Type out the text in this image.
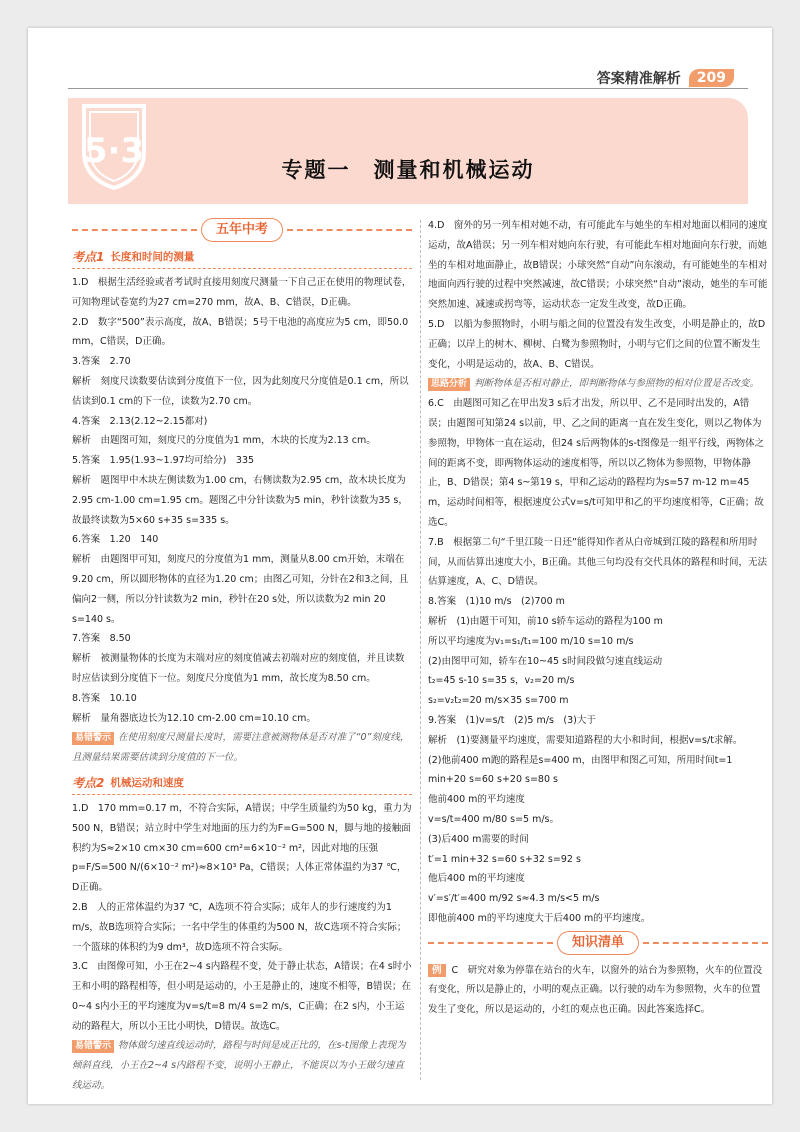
答案精准解析	209
专题一　测量和机械运动
5·3
五年中考
考点1 长度和时间的测量

1.D　根据生活经验或者考试时直接用刻度尺测量一下自己正在使用的物理试卷，可知物理试卷宽约为27 cm=270 mm，故A、B、C错误，D正确。

2.D　数字“500”表示高度，故A、B错误；5号干电池的高度应为5 cm，即50.0 mm，C错误，D正确。

3.答案　2.70

解析　刻度尺读数要估读到分度值下一位，因为此刻度尺分度值是0.1 cm，所以估读到0.1 cm的下一位，读数为2.70 cm。

4.答案　2.13(2.12~2.15都对)

解析　由题图可知，刻度尺的分度值为1 mm，木块的长度为2.13 cm。

5.答案　1.95(1.93~1.97均可给分)　335

解析　题图甲中木块左侧读数为1.00 cm，右侧读数为2.95 cm，故木块长度为2.95 cm-1.00 cm=1.95 cm。题图乙中分针读数为5 min，秒针读数为35 s，故最终读数为5×60 s+35 s=335 s。

6.答案　1.20　140

解析　由题图甲可知，刻度尺的分度值为1 mm，测量从8.00 cm开始，末端在9.20 cm，所以圆形物体的直径为1.20 cm；由图乙可知，分针在2和3之间，且偏向2一侧，所以分针读数为2 min，秒针在20 s处，所以读数为2 min 20 s=140 s。

7.答案　8.50

解析　被测量物体的长度为末端对应的刻度值减去初端对应的刻度值，并且读数时应估读到分度值下一位。刻度尺分度值为1 mm，故长度为8.50 cm。

8.答案　10.10

解析　量角器底边长为12.10 cm-2.00 cm=10.10 cm。

易错警示 在使用刻度尺测量长度时，需要注意被测物体是否对准了“0”刻度线，且测量结果需要估读到分度值的下一位。

考点2 机械运动和速度

1.D　170 mm=0.17 m，不符合实际，A错误；中学生质量约为50 kg，重力为500 N，B错误；站立时中学生对地面的压力约为F=G=500 N，脚与地的接触面积约为S≈2×10 cm×30 cm=600 cm²=6×10⁻² m²，因此对地的压强p=F/S=500 N/(6×10⁻² m²)≈8×10³ Pa，C错误；人体正常体温约为37 ℃，D正确。

2.B　人的正常体温约为37 ℃，A选项不符合实际；成年人的步行速度约为1 m/s，故B选项符合实际；一名中学生的体重约为500 N，故C选项不符合实际；一个篮球的体积约为9 dm³，故D选项不符合实际。

3.C　由图像可知，小王在2~4 s内路程不变，处于静止状态，A错误；在4 s时小王和小明的路程相等，但小明是运动的，小王是静止的，速度不相等，B错误；在0~4 s内小王的平均速度为v=s/t=8 m/4 s=2 m/s，C正确；在2 s内，小王运动的路程大，所以小王比小明快，D错误。故选C。

易错警示 物体做匀速直线运动时，路程与时间是成正比的，在s-t图像上表现为倾斜直线，小王在2~4 s内路程不变，说明小王静止，不能误以为小王做匀速直线运动。

4.D　窗外的另一列车相对她不动，有可能此车与她坐的车相对地面以相同的速度运动，故A错误；另一列车相对她向东行驶，有可能此车相对地面向东行驶，而她坐的车相对地面静止，故B错误；小球突然“自动”向东滚动，有可能她坐的车相对地面向西行驶的过程中突然减速，故C错误；小球突然“自动”滚动，她坐的车可能突然加速、减速或拐弯等，运动状态一定发生改变，故D正确。

5.D　以船为参照物时，小明与船之间的位置没有发生改变，小明是静止的，故D正确；以岸上的树木、柳树、白鹭为参照物时，小明与它们之间的位置不断发生变化，小明是运动的，故A、B、C错误。

思路分析 判断物体是否相对静止，即判断物体与参照物的相对位置是否改变。

6.C　由题图可知乙在甲出发3 s后才出发，所以甲、乙不是同时出发的，A错误；由题图可知第24 s以前，甲、乙之间的距离一直在发生变化，则以乙物体为参照物，甲物体一直在运动，但24 s后两物体的s-t图像是一组平行线，两物体之间的距离不变，即两物体运动的速度相等，所以以乙物体为参照物，甲物体静止，B、D错误；第4 s~第19 s，甲和乙运动的路程均为s=57 m-12 m=45 m，运动时间相等，根据速度公式v=s/t可知甲和乙的平均速度相等，C正确；故选C。

7.B　根据第二句“千里江陵一日还”能得知作者从白帝城到江陵的路程和所用时间，从而估算出速度大小，B正确。其他三句均没有交代具体的路程和时间，无法估算速度，A、C、D错误。

8.答案　(1)10 m/s　(2)700 m

解析　(1)由题干可知，前10 s轿车运动的路程为100 m

所以平均速度为v₁=s₁/t₁=100 m/10 s=10 m/s

(2)由图甲可知，轿车在10~45 s时间段做匀速直线运动

t₂=45 s-10 s=35 s，v₂=20 m/s

s₂=v₂t₂=20 m/s×35 s=700 m

9.答案　(1)v=s/t　(2)5 m/s　(3)大于

解析　(1)要测量平均速度，需要知道路程的大小和时间，根据v=s/t求解。

(2)他前400 m跑的路程是s=400 m，由图甲和图乙可知，所用时间t=1 min+20 s=60 s+20 s=80 s

他前400 m的平均速度

v=s/t=400 m/80 s=5 m/s。

(3)后400 m需要的时间

t′=1 min+32 s=60 s+32 s=92 s

他后400 m的平均速度

v′=s′/t′=400 m/92 s≈4.3 m/s<5 m/s

即他前400 m的平均速度大于后400 m的平均速度。

知识清单

例 C　研究对象为停靠在站台的火车，以窗外的站台为参照物，火车的位置没有变化，所以是静止的，小明的观点正确。以行驶的动车为参照物，火车的位置发生了变化，所以是运动的，小红的观点也正确。因此答案选择C。
